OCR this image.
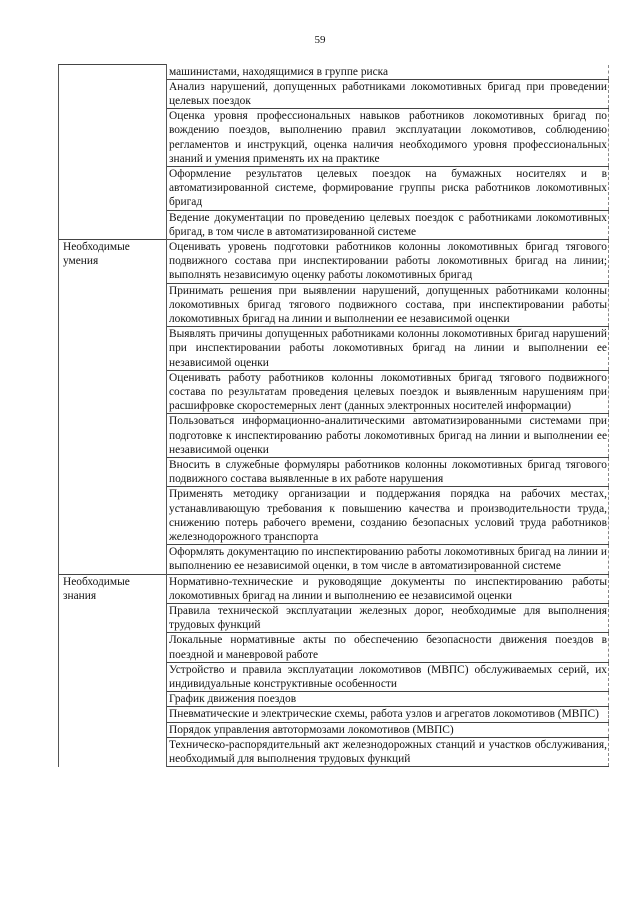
59
	машинистами, находящимися в группе риска
	Анализ нарушений, допущенных работниками локомотивных бригад при проведении целевых поездок
	Оценка уровня профессиональных навыков работников локомотивных бригад по вождению поездов, выполнению правил эксплуатации локомотивов, соблюдению регламентов и инструкций, оценка наличия необходимого уровня профессиональных знаний и умения применять их на практике
	Оформление результатов целевых поездок на бумажных носителях и в автоматизированной системе, формирование группы риска работников локомотивных бригад
	Ведение документации по проведению целевых поездок с работниками локомотивных бригад, в том числе в автоматизированной системе
Необходимые умения	Оценивать уровень подготовки работников колонны локомотивных бригад тягового подвижного состава при инспектировании работы локомотивных бригад на линии; выполнять независимую оценку работы локомотивных бригад
	Принимать решения при выявлении нарушений, допущенных работниками колонны локомотивных бригад тягового подвижного состава, при инспектировании работы локомотивных бригад на линии и выполнении ее независимой оценки
	Выявлять причины допущенных работниками колонны локомотивных бригад нарушений при инспектировании работы локомотивных бригад на линии и выполнении ее независимой оценки
	Оценивать работу работников колонны локомотивных бригад тягового подвижного состава по результатам проведения целевых поездок и выявленным нарушениям при расшифровке скоростемерных лент (данных электронных носителей информации)
	Пользоваться информационно-аналитическими автоматизированными системами при подготовке к инспектированию работы локомотивных бригад на линии и выполнении ее независимой оценки
	Вносить в служебные формуляры работников колонны локомотивных бригад тягового подвижного состава выявленные в их работе нарушения
	Применять методику организации и поддержания порядка на рабочих местах, устанавливающую требования к повышению качества и производительности труда, снижению потерь рабочего времени, созданию безопасных условий труда работников железнодорожного транспорта
	Оформлять документацию по инспектированию работы локомотивных бригад на линии и выполнению ее независимой оценки, в том числе в автоматизированной системе
Необходимые знания	Нормативно-технические и руководящие документы по инспектированию работы локомотивных бригад на линии и выполнению ее независимой оценки
	Правила технической эксплуатации железных дорог, необходимые для выполнения трудовых функций
	Локальные нормативные акты по обеспечению безопасности движения поездов в поездной и маневровой работе
	Устройство и правила эксплуатации локомотивов (МВПС) обслуживаемых серий, их индивидуальные конструктивные особенности
	График движения поездов
	Пневматические и электрические схемы, работа узлов и агрегатов локомотивов (МВПС)
	Порядок управления автотормозами локомотивов (МВПС)
	Техническо-распорядительный акт железнодорожных станций и участков обслуживания, необходимый для выполнения трудовых функций
